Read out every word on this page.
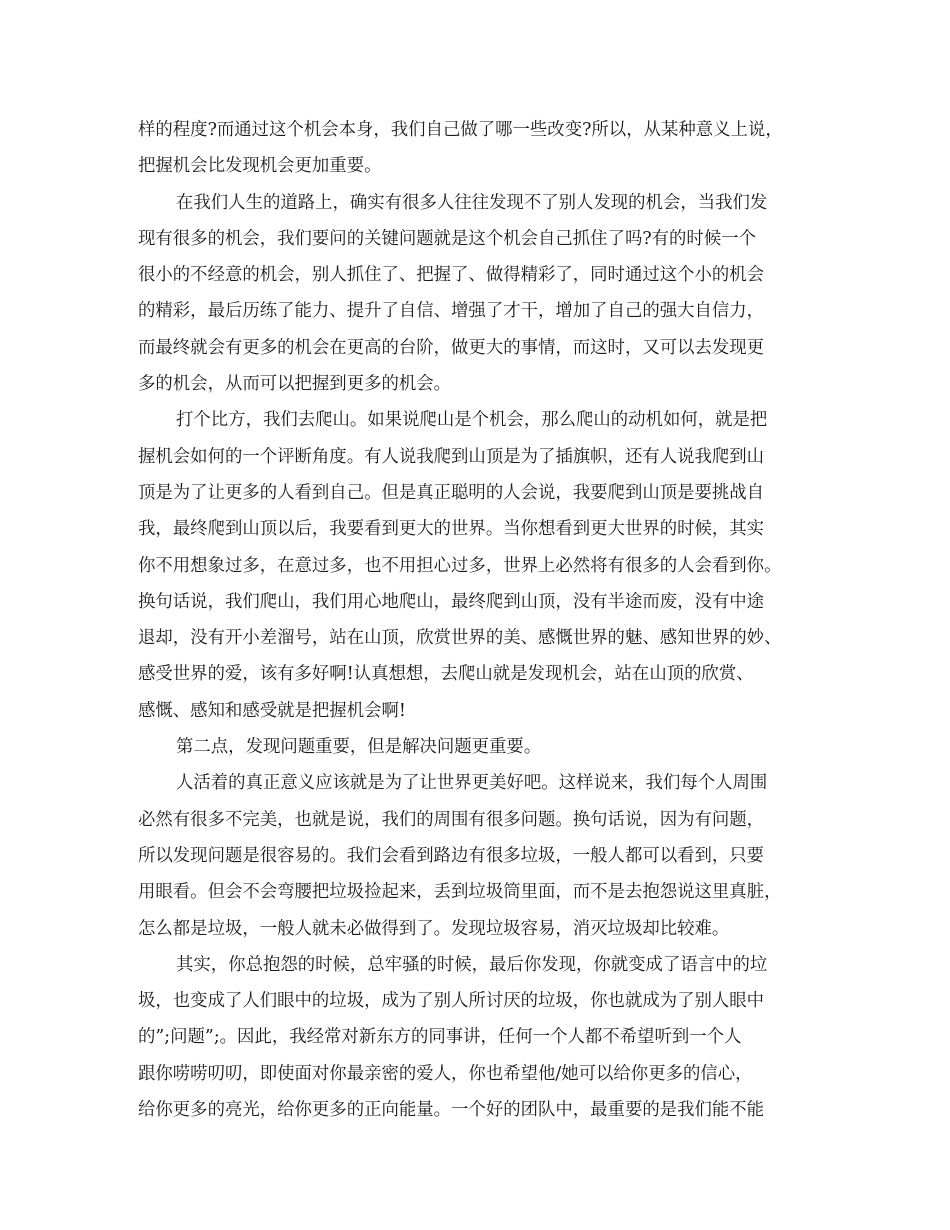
样的程度?而通过这个机会本身，我们自己做了哪一些改变?所以，从某种意义上说，
把握机会比发现机会更加重要。
在我们人生的道路上，确实有很多人往往发现不了别人发现的机会，当我们发
现有很多的机会，我们要问的关键问题就是这个机会自己抓住了吗?有的时候一个
很小的不经意的机会，别人抓住了、把握了、做得精彩了，同时通过这个小的机会
的精彩，最后历练了能力、提升了自信、增强了才干，增加了自己的强大自信力，
而最终就会有更多的机会在更高的台阶，做更大的事情，而这时，又可以去发现更
多的机会，从而可以把握到更多的机会。
打个比方，我们去爬山。如果说爬山是个机会，那么爬山的动机如何，就是把
握机会如何的一个评断角度。有人说我爬到山顶是为了插旗帜，还有人说我爬到山
顶是为了让更多的人看到自己。但是真正聪明的人会说，我要爬到山顶是要挑战自
我，最终爬到山顶以后，我要看到更大的世界。当你想看到更大世界的时候，其实
你不用想象过多，在意过多，也不用担心过多，世界上必然将有很多的人会看到你。
换句话说，我们爬山，我们用心地爬山，最终爬到山顶，没有半途而废，没有中途
退却，没有开小差溜号，站在山顶，欣赏世界的美、感慨世界的魅、感知世界的妙、
感受世界的爱，该有多好啊!认真想想，去爬山就是发现机会，站在山顶的欣赏、
感慨、感知和感受就是把握机会啊!
第二点，发现问题重要，但是解决问题更重要。
人活着的真正意义应该就是为了让世界更美好吧。这样说来，我们每个人周围
必然有很多不完美，也就是说，我们的周围有很多问题。换句话说，因为有问题，
所以发现问题是很容易的。我们会看到路边有很多垃圾，一般人都可以看到，只要
用眼看。但会不会弯腰把垃圾捡起来，丢到垃圾筒里面，而不是去抱怨说这里真脏，
怎么都是垃圾，一般人就未必做得到了。发现垃圾容易，消灭垃圾却比较难。
其实，你总抱怨的时候，总牢骚的时候，最后你发现，你就变成了语言中的垃
圾，也变成了人们眼中的垃圾，成为了别人所讨厌的垃圾，你也就成为了别人眼中
的”;问题”;。因此，我经常对新东方的同事讲，任何一个人都不希望听到一个人
跟你唠唠叨叨，即使面对你最亲密的爱人，你也希望他/她可以给你更多的信心，
给你更多的亮光，给你更多的正向能量。一个好的团队中，最重要的是我们能不能
